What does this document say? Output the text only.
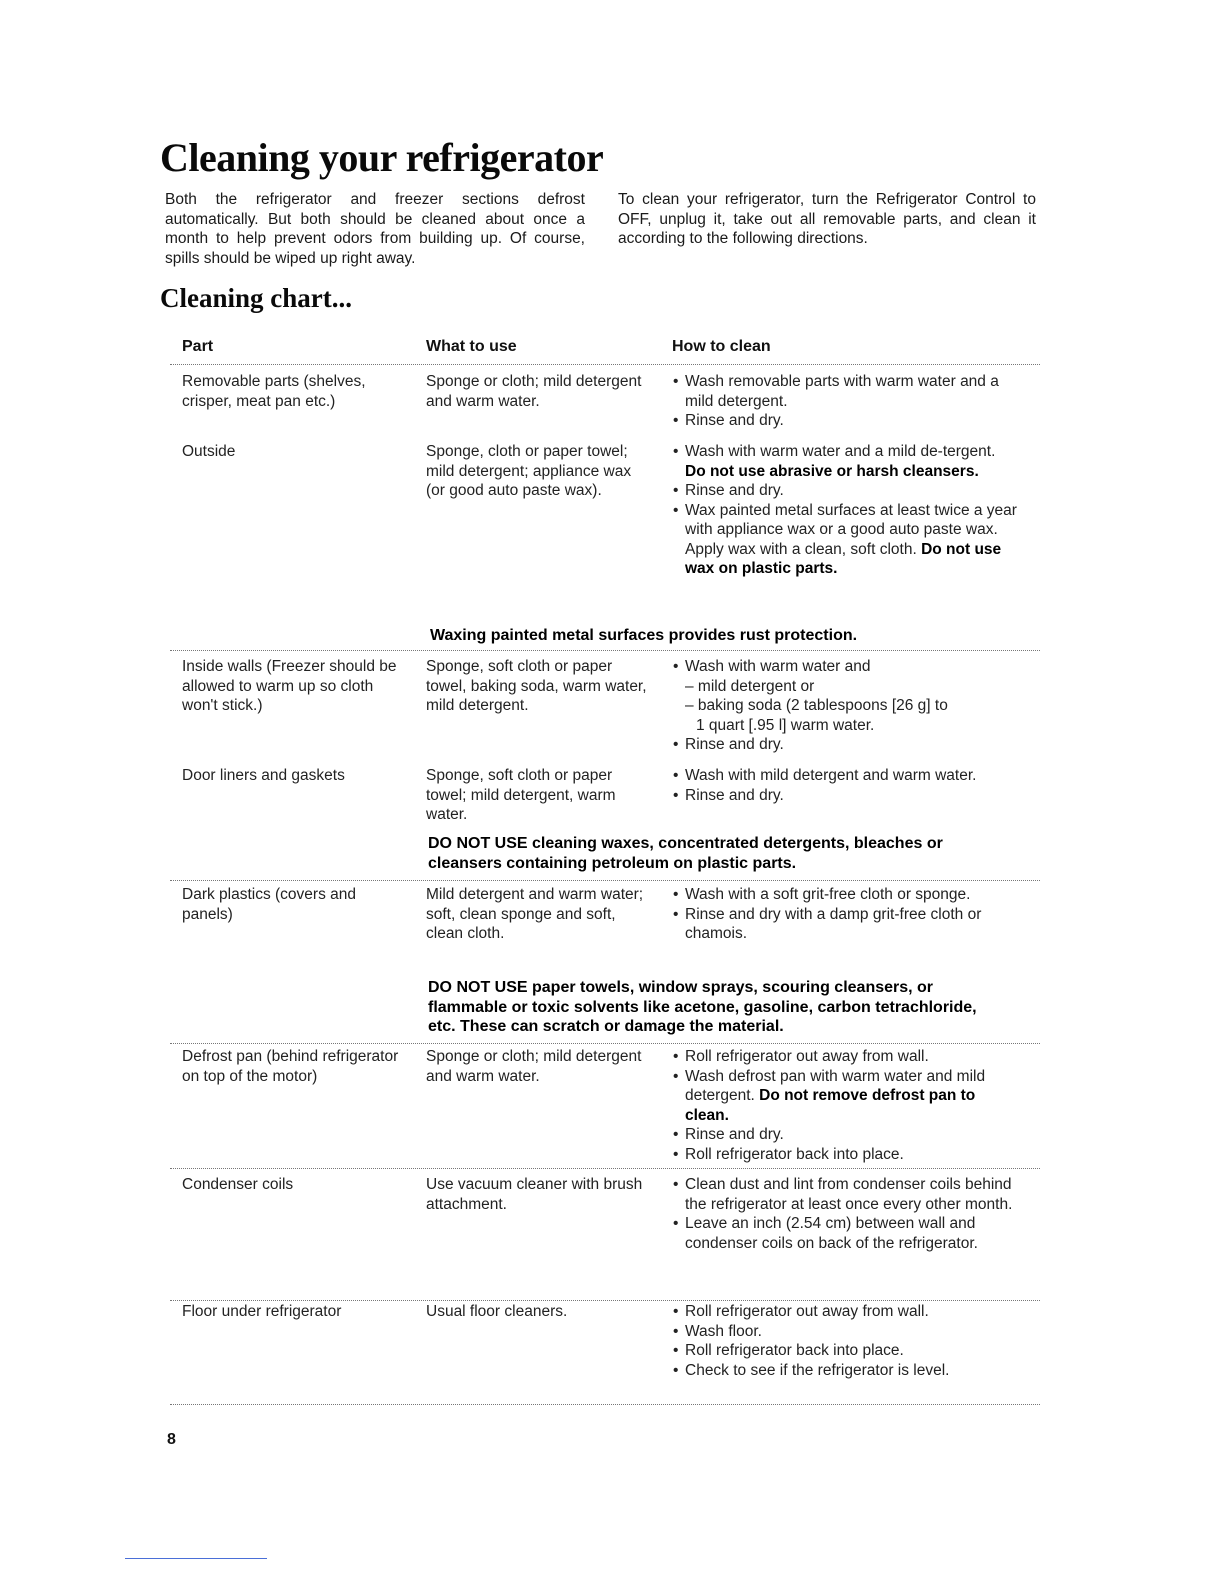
Cleaning your refrigerator

Both the refrigerator and freezer sections defrost automatically. But both should be cleaned about once a month to help prevent odors from building up. Of course, spills should be wiped up right away.

To clean your refrigerator, turn the Refrigerator Control to OFF, unplug it, take out all removable parts, and clean it according to the following directions.

Cleaning chart...
Part	What to use	How to clean
Removable parts (shelves, crisper, meat pan etc.)
Sponge or cloth; mild detergent and warm water.
• Wash removable parts with warm water and a mild detergent.
• Rinse and dry.
Outside	Sponge, cloth or paper towel; mild detergent; appliance wax (or good auto paste wax).
• Wash with warm water and a mild de-tergent. Do not use abrasive or harsh cleansers.
• Rinse and dry.
• Wax painted metal surfaces at least twice a year with appliance wax or a good auto paste wax. Apply wax with a clean, soft cloth. Do not use wax on plastic parts.
Waxing painted metal surfaces provides rust protection.
Inside walls (Freezer should be allowed to warm up so cloth won't stick.)
Sponge, soft cloth or paper towel, baking soda, warm water, mild detergent.
• Wash with warm water and
– mild detergent or
– baking soda (2 tablespoons [26 g] to
1 quart [.95 l] warm water.
• Rinse and dry.
Door liners and gaskets	Sponge, soft cloth or paper towel; mild detergent, warm water.
• Wash with mild detergent and warm water.
• Rinse and dry.
DO NOT USE cleaning waxes, concentrated detergents, bleaches or cleansers containing petroleum on plastic parts.
Dark plastics (covers and panels)
Mild detergent and warm water; soft, clean sponge and soft, clean cloth.
• Wash with a soft grit-free cloth or sponge.
• Rinse and dry with a damp grit-free cloth or chamois.
DO NOT USE paper towels, window sprays, scouring cleansers, or flammable or toxic solvents like acetone, gasoline, carbon tetrachloride, etc. These can scratch or damage the material.
Defrost pan (behind refrigerator on top of the motor)
Sponge or cloth; mild detergent and warm water.
• Roll refrigerator out away from wall.
• Wash defrost pan with warm water and mild detergent. Do not remove defrost pan to clean.
• Rinse and dry.
• Roll refrigerator back into place.
Condenser coils	Use vacuum cleaner with brush attachment.
• Clean dust and lint from condenser coils behind the refrigerator at least once every other month.
• Leave an inch (2.54 cm) between wall and condenser coils on back of the refrigerator.
Floor under refrigerator	Usual floor cleaners.
•	Roll refrigerator out away from wall.
• Wash floor.
• Roll refrigerator back into place.
• Check to see if the refrigerator is level.
8
